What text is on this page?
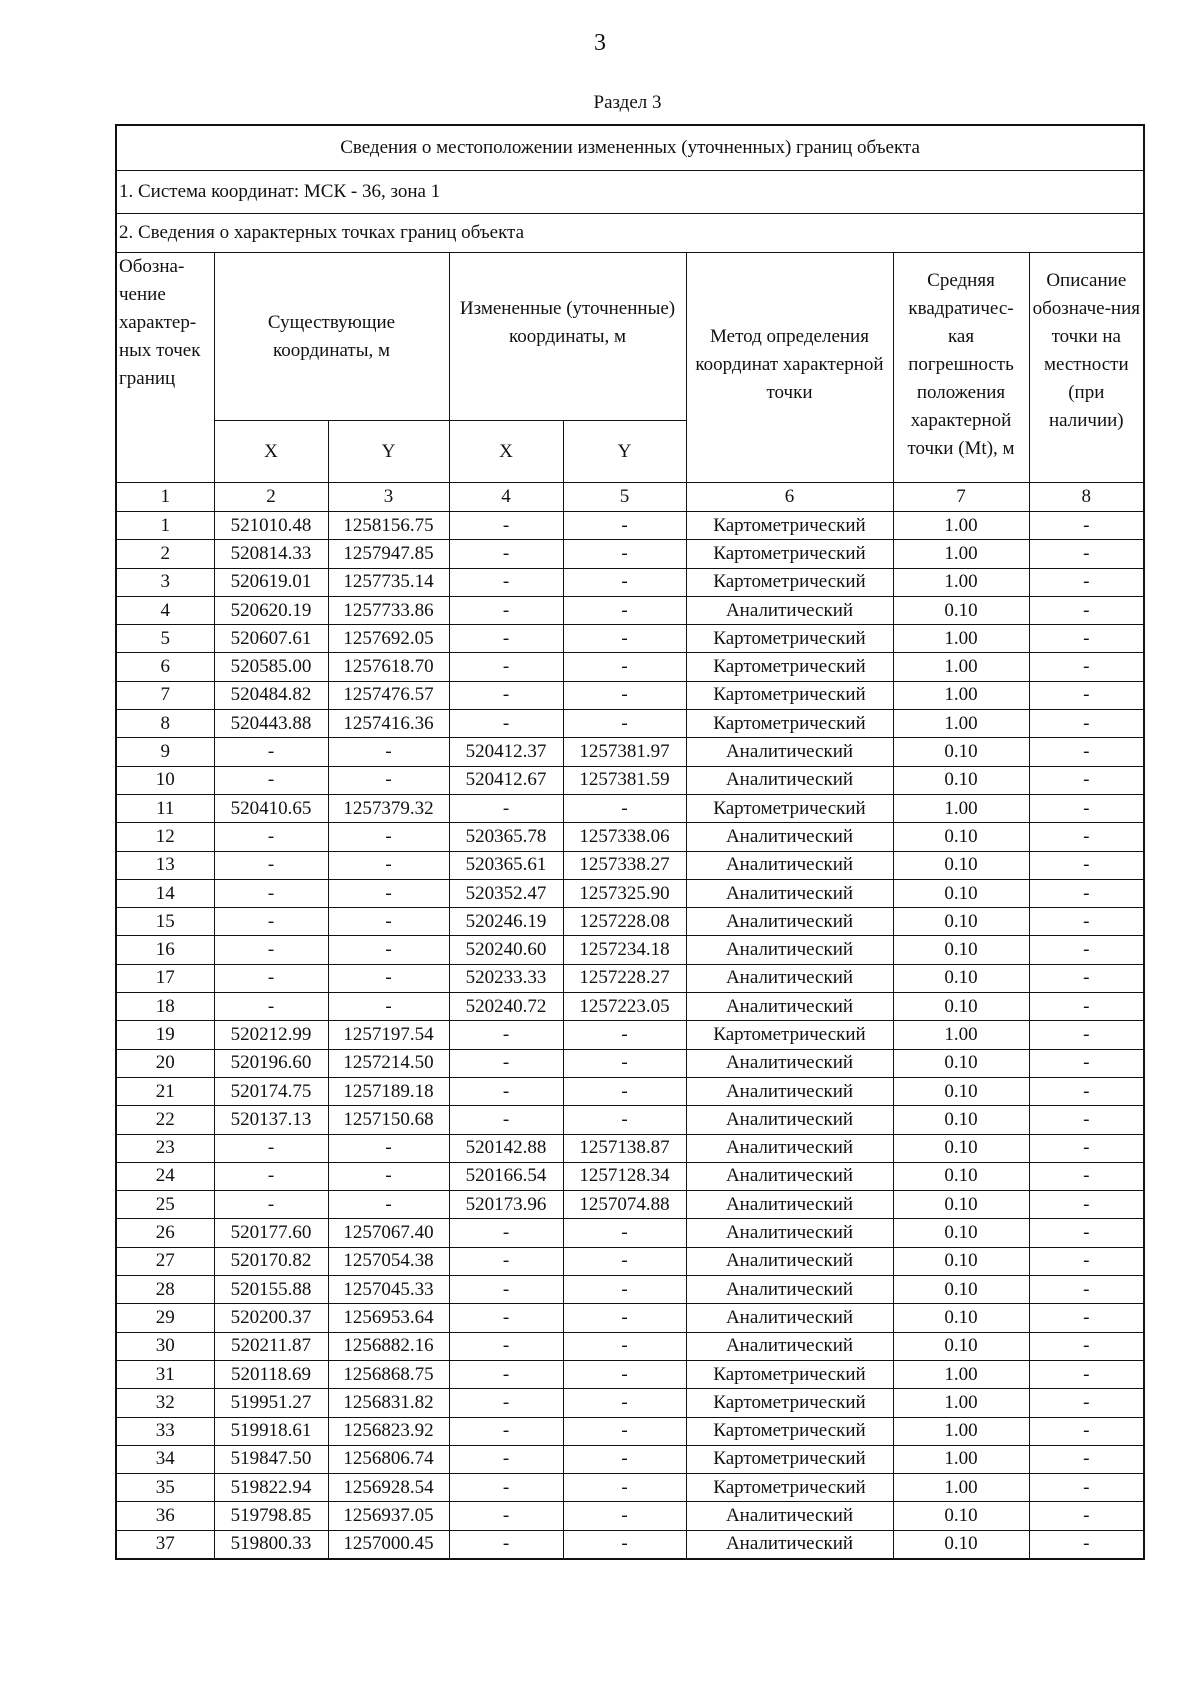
3
Раздел 3
Сведения о местоположении измененных (уточненных) границ объекта							
1. Система координат: МСК - 36, зона 1							
2. Сведения о характерных точках границ объекта							
Обозна-чение характер-ных точек границ	Существующие координаты, м		Измененные (уточненные) координаты, м		Метод определения координат характерной точки	Средняя квадратичес-кая погрешность положения характерной точки (Mt), м	Описание обозначе-ния точки на местности (при наличии)
	X	Y	X	Y			
1	2	3	4	5	6	7	8
1	521010.48	1258156.75	-	-	Картометрический	1.00	-
2	520814.33	1257947.85	-	-	Картометрический	1.00	-
3	520619.01	1257735.14	-	-	Картометрический	1.00	-
4	520620.19	1257733.86	-	-	Аналитический	0.10	-
5	520607.61	1257692.05	-	-	Картометрический	1.00	-
6	520585.00	1257618.70	-	-	Картометрический	1.00	-
7	520484.82	1257476.57	-	-	Картометрический	1.00	-
8	520443.88	1257416.36	-	-	Картометрический	1.00	-
9	-	-	520412.37	1257381.97	Аналитический	0.10	-
10	-	-	520412.67	1257381.59	Аналитический	0.10	-
11	520410.65	1257379.32	-	-	Картометрический	1.00	-
12	-	-	520365.78	1257338.06	Аналитический	0.10	-
13	-	-	520365.61	1257338.27	Аналитический	0.10	-
14	-	-	520352.47	1257325.90	Аналитический	0.10	-
15	-	-	520246.19	1257228.08	Аналитический	0.10	-
16	-	-	520240.60	1257234.18	Аналитический	0.10	-
17	-	-	520233.33	1257228.27	Аналитический	0.10	-
18	-	-	520240.72	1257223.05	Аналитический	0.10	-
19	520212.99	1257197.54	-	-	Картометрический	1.00	-
20	520196.60	1257214.50	-	-	Аналитический	0.10	-
21	520174.75	1257189.18	-	-	Аналитический	0.10	-
22	520137.13	1257150.68	-	-	Аналитический	0.10	-
23	-	-	520142.88	1257138.87	Аналитический	0.10	-
24	-	-	520166.54	1257128.34	Аналитический	0.10	-
25	-	-	520173.96	1257074.88	Аналитический	0.10	-
26	520177.60	1257067.40	-	-	Аналитический	0.10	-
27	520170.82	1257054.38	-	-	Аналитический	0.10	-
28	520155.88	1257045.33	-	-	Аналитический	0.10	-
29	520200.37	1256953.64	-	-	Аналитический	0.10	-
30	520211.87	1256882.16	-	-	Аналитический	0.10	-
31	520118.69	1256868.75	-	-	Картометрический	1.00	-
32	519951.27	1256831.82	-	-	Картометрический	1.00	-
33	519918.61	1256823.92	-	-	Картометрический	1.00	-
34	519847.50	1256806.74	-	-	Картометрический	1.00	-
35	519822.94	1256928.54	-	-	Картометрический	1.00	-
36	519798.85	1256937.05	-	-	Аналитический	0.10	-
37	519800.33	1257000.45	-	-	Аналитический	0.10	-
